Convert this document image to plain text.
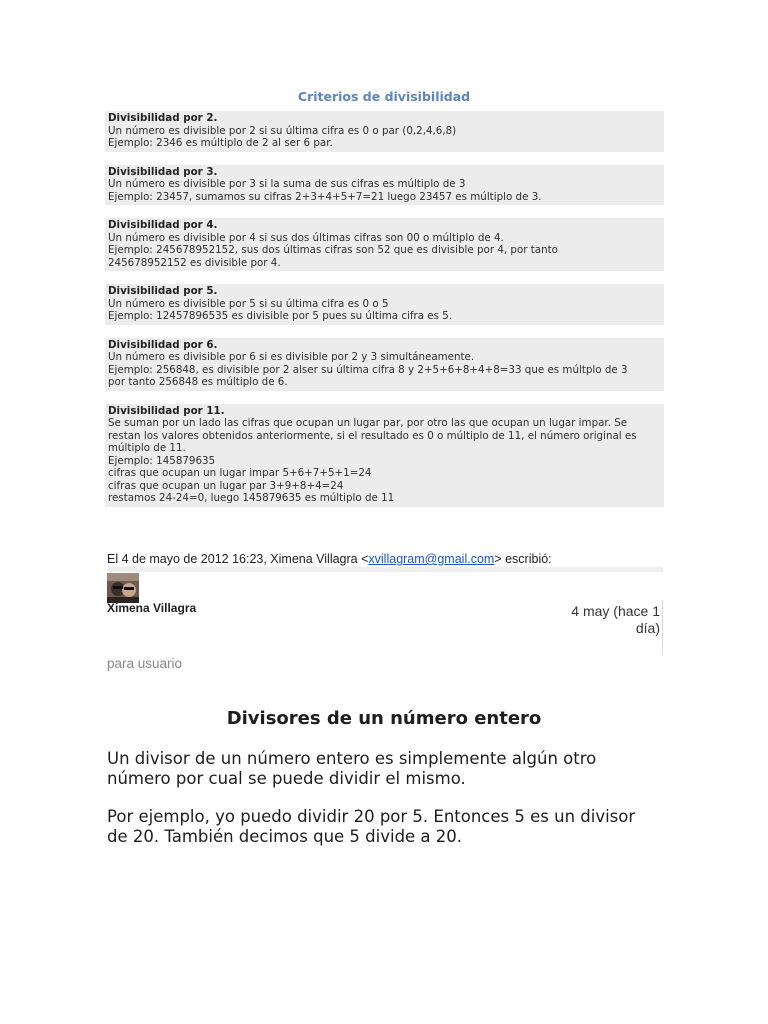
Criterios de divisibilidad
Divisibilidad por 2.
Un número es divisible por 2 si su última cifra es 0 o par (0,2,4,6,8)
Ejemplo: 2346 es múltiplo de 2 al ser 6 par.
Divisibilidad por 3.
Un número es divisible por 3 si la suma de sus cifras es múltiplo de 3
Ejemplo: 23457, sumamos su cifras 2+3+4+5+7=21 luego 23457 es múltiplo de 3.
Divisibilidad por 4.
Un número es divisible por 4 si sus dos últimas cifras son 00 o múltiplo de 4.
Ejemplo: 245678952152, sus dos últimas cifras son 52 que es divisible por 4, por tanto
245678952152 es divisible por 4.
Divisibilidad por 5.
Un número es divisible por 5 si su última cifra es 0 o 5
Ejemplo: 12457896535 es divisible por 5 pues su última cifra es 5.
Divisibilidad por 6.
Un número es divisible por 6 si es divisible por 2 y 3 simultáneamente.
Ejemplo: 256848, es divisible por 2 alser su última cifra 8 y 2+5+6+8+4+8=33 que es múltplo de 3
por tanto 256848 es múltiplo de 6.
Divisibilidad por 11.
Se suman por un lado las cifras que ocupan un lugar par, por otro las que ocupan un lugar impar. Se
restan los valores obtenidos anteriormente, si el resultado es 0 o múltiplo de 11, el número original es
múltiplo de 11.
Ejemplo: 145879635
cifras que ocupan un lugar impar 5+6+7+5+1=24
cifras que ocupan un lugar par 3+9+8+4=24
restamos 24-24=0, luego 145879635 es múltiplo de 11
El 4 de mayo de 2012 16:23, Ximena Villagra <xvillagram@gmail.com> escribió:
Ximena Villagra	4 may (hace 1
día)
para usuario
Divisores de un número entero
Un divisor de un número entero es simplemente algún otro
número por cual se puede dividir el mismo.
Por ejemplo, yo puedo dividir 20 por 5. Entonces 5 es un divisor
de 20. También decimos que 5 divide a 20.
